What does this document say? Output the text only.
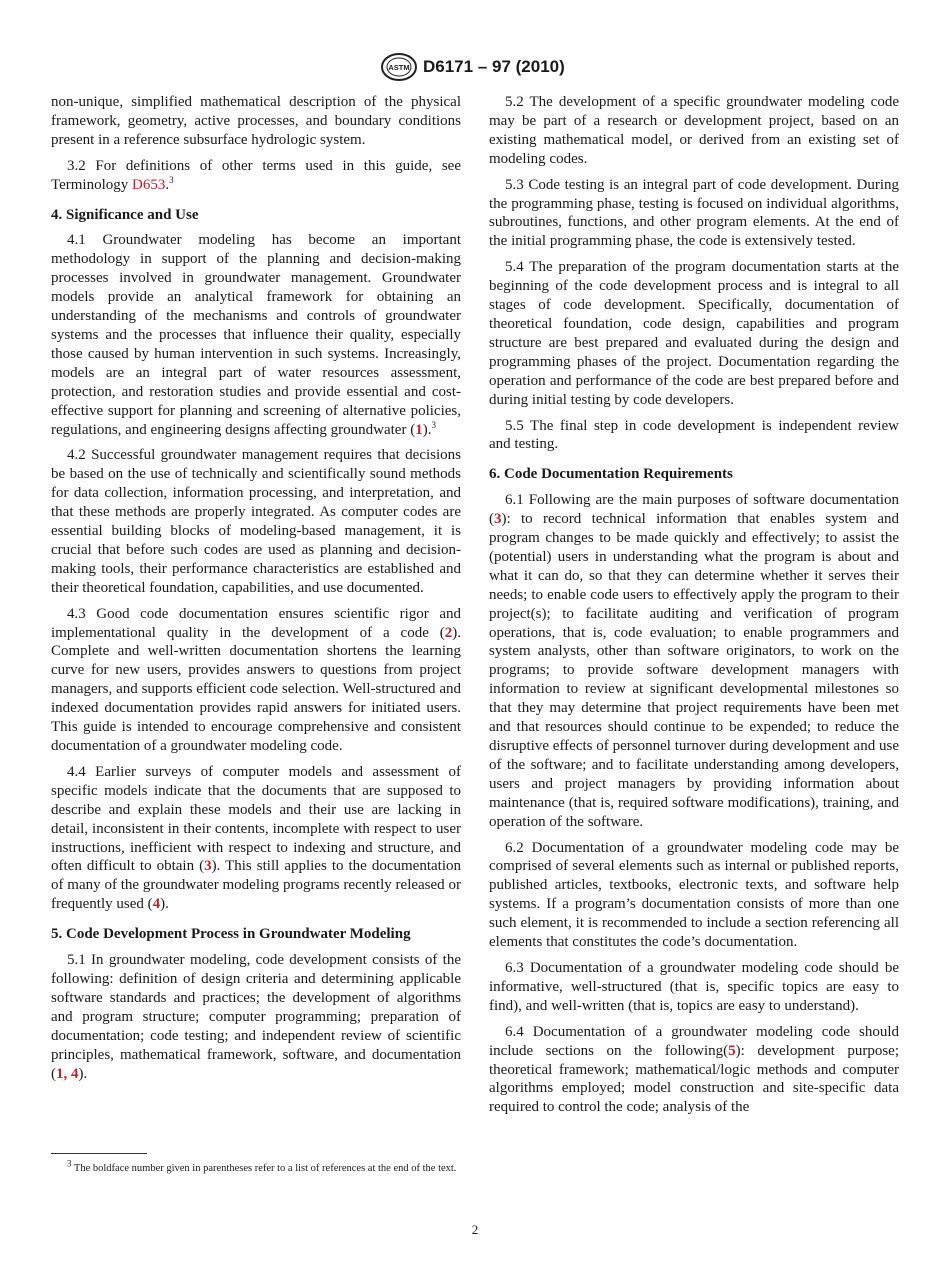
ASTM D6171 – 97 (2010)

non-unique, simplified mathematical description of the physical framework, geometry, active processes, and boundary conditions present in a reference subsurface hydrologic system.

3.2 For definitions of other terms used in this guide, see Terminology D653.$^3$

4. Significance and Use

4.1 Groundwater modeling has become an important methodology in support of the planning and decision-making processes involved in groundwater management. Groundwater models provide an analytical framework for obtaining an understanding of the mechanisms and controls of groundwater systems and the processes that influence their quality, especially those caused by human intervention in such systems. Increasingly, models are an integral part of water resources assessment, protection, and restoration studies and provide essential and cost-effective support for planning and screening of alternative policies, regulations, and engineering designs affecting groundwater (1).$^3$

4.2 Successful groundwater management requires that decisions be based on the use of technically and scientifically sound methods for data collection, information processing, and interpretation, and that these methods are properly integrated. As computer codes are essential building blocks of modeling-based management, it is crucial that before such codes are used as planning and decision-making tools, their performance characteristics are established and their theoretical foundation, capabilities, and use documented.

4.3 Good code documentation ensures scientific rigor and implementational quality in the development of a code (2). Complete and well-written documentation shortens the learning curve for new users, provides answers to questions from project managers, and supports efficient code selection. Well-structured and indexed documentation provides rapid answers for initiated users. This guide is intended to encourage comprehensive and consistent documentation of a groundwater modeling code.

4.4 Earlier surveys of computer models and assessment of specific models indicate that the documents that are supposed to describe and explain these models and their use are lacking in detail, inconsistent in their contents, incomplete with respect to user instructions, inefficient with respect to indexing and structure, and often difficult to obtain (3). This still applies to the documentation of many of the groundwater modeling programs recently released or frequently used (4).

5. Code Development Process in Groundwater Modeling

5.1 In groundwater modeling, code development consists of the following: definition of design criteria and determining applicable software standards and practices; the development of algorithms and program structure; computer programming; preparation of documentation; code testing; and independent review of scientific principles, mathematical framework, software, and documentation (1, 4).

5.2 The development of a specific groundwater modeling code may be part of a research or development project, based on an existing mathematical model, or derived from an existing set of modeling codes.

5.3 Code testing is an integral part of code development. During the programming phase, testing is focused on individual algorithms, subroutines, functions, and other program elements. At the end of the initial programming phase, the code is extensively tested.

5.4 The preparation of the program documentation starts at the beginning of the code development process and is integral to all stages of code development. Specifically, documentation of theoretical foundation, code design, capabilities and program structure are best prepared and evaluated during the design and programming phases of the project. Documentation regarding the operation and performance of the code are best prepared before and during initial testing by code developers.

5.5 The final step in code development is independent review and testing.

6. Code Documentation Requirements

6.1 Following are the main purposes of software documentation (3): to record technical information that enables system and program changes to be made quickly and effectively; to assist the (potential) users in understanding what the program is about and what it can do, so that they can determine whether it serves their needs; to enable code users to effectively apply the program to their project(s); to facilitate auditing and verification of program operations, that is, code evaluation; to enable programmers and system analysts, other than software originators, to work on the programs; to provide software development managers with information to review at significant developmental milestones so that they may determine that project requirements have been met and that resources should continue to be expended; to reduce the disruptive effects of personnel turnover during development and use of the software; and to facilitate understanding among developers, users and project managers by providing information about maintenance (that is, required software modifications), training, and operation of the software.

6.2 Documentation of a groundwater modeling code may be comprised of several elements such as internal or published reports, published articles, textbooks, electronic texts, and software help systems. If a program’s documentation consists of more than one such element, it is recommended to include a section referencing all elements that constitutes the code’s documentation.

6.3 Documentation of a groundwater modeling code should be informative, well-structured (that is, specific topics are easy to find), and well-written (that is, topics are easy to understand).

6.4 Documentation of a groundwater modeling code should include sections on the following(5): development purpose; theoretical framework; mathematical/logic methods and computer algorithms employed; model construction and site-specific data required to control the code; analysis of the

$^3$ The boldface number given in parentheses refer to a list of references at the end of the text.
2
